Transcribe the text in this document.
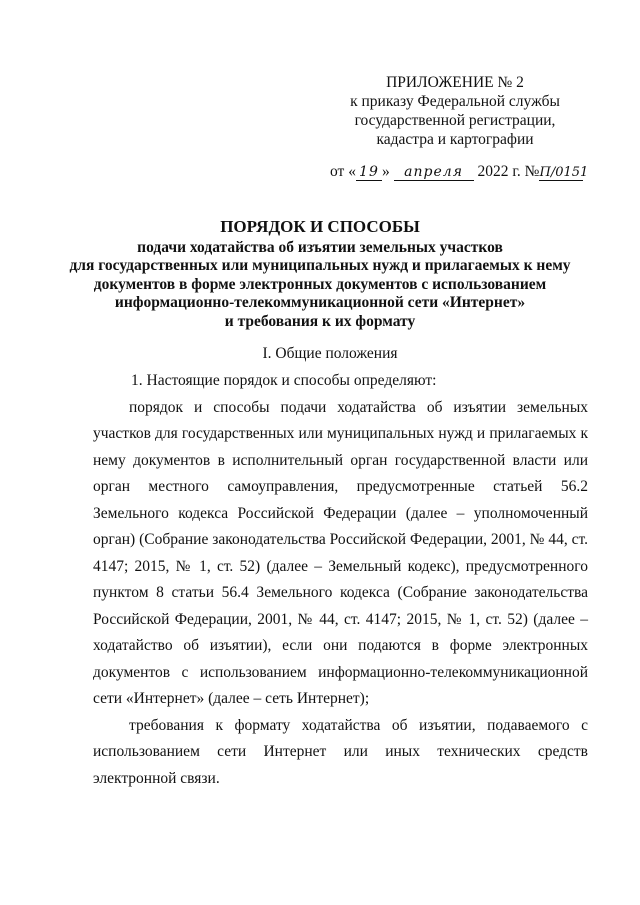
ПРИЛОЖЕНИЕ № 2
к приказу Федеральной службы
государственной регистрации,
кадастра и картографии
от « 19 » апреля 2022 г. №П/0151
ПОРЯДОК И СПОСОБЫ
подачи ходатайства об изъятии земельных участков
для государственных или муниципальных нужд и прилагаемых к нему
документов в форме электронных документов с использованием
информационно-телекоммуникационной сети «Интернет»
и требования к их формату
I. Общие положения

1. Настоящие порядок и способы определяют:

порядок и способы подачи ходатайства об изъятии земельных участков для государственных или муниципальных нужд и прилагаемых к нему документов в исполнительный орган государственной власти или орган местного самоуправления, предусмотренные статьей 56.2 Земельного кодекса Российской Федерации (далее – уполномоченный орган) (Собрание законодательства Российской Федерации, 2001, № 44, ст. 4147; 2015, № 1, ст. 52) (далее – Земельный кодекс), предусмотренного пунктом 8 статьи 56.4 Земельного кодекса (Собрание законодательства Российской Федерации, 2001, № 44, ст. 4147; 2015, № 1, ст. 52) (далее – ходатайство об изъятии), если они подаются в форме электронных документов с использованием информационно-телекоммуникационной сети «Интернет» (далее – сеть Интернет);

требования к формату ходатайства об изъятии, подаваемого с использованием сети Интернет или иных технических средств электронной связи.
